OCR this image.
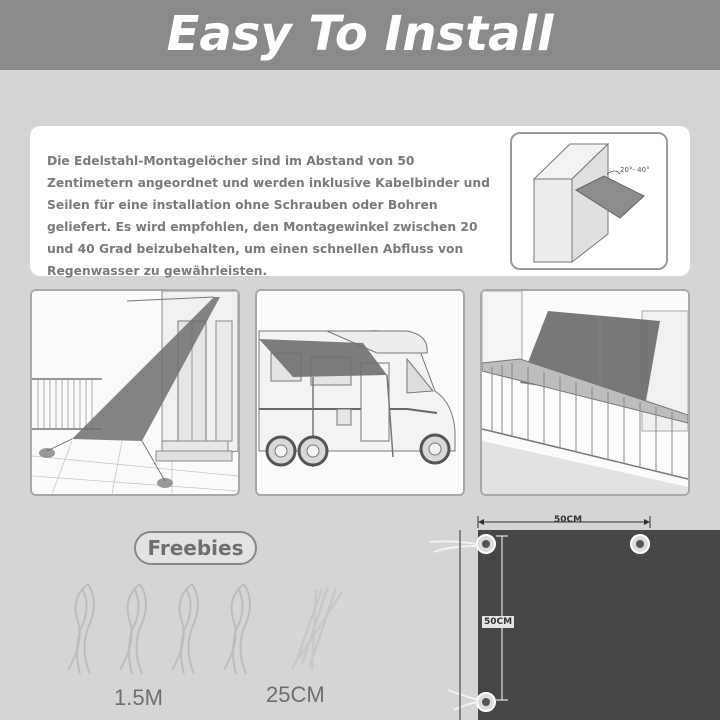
Easy To Install
Die Edelstahl-Montagelöcher sind im Abstand von 50 Zentimetern angeordnet und werden inklusive Kabelbinder und Seilen für eine installation ohne Schrauben oder Bohren geliefert. Es wird empfohlen, den Montagewinkel zwischen 20 und 40 Grad beizubehalten, um einen schnellen Abfluss von Regenwasser zu gewährleisten.
20°- 40°
Freebies
1.5M	25CM
50CM
50CM
